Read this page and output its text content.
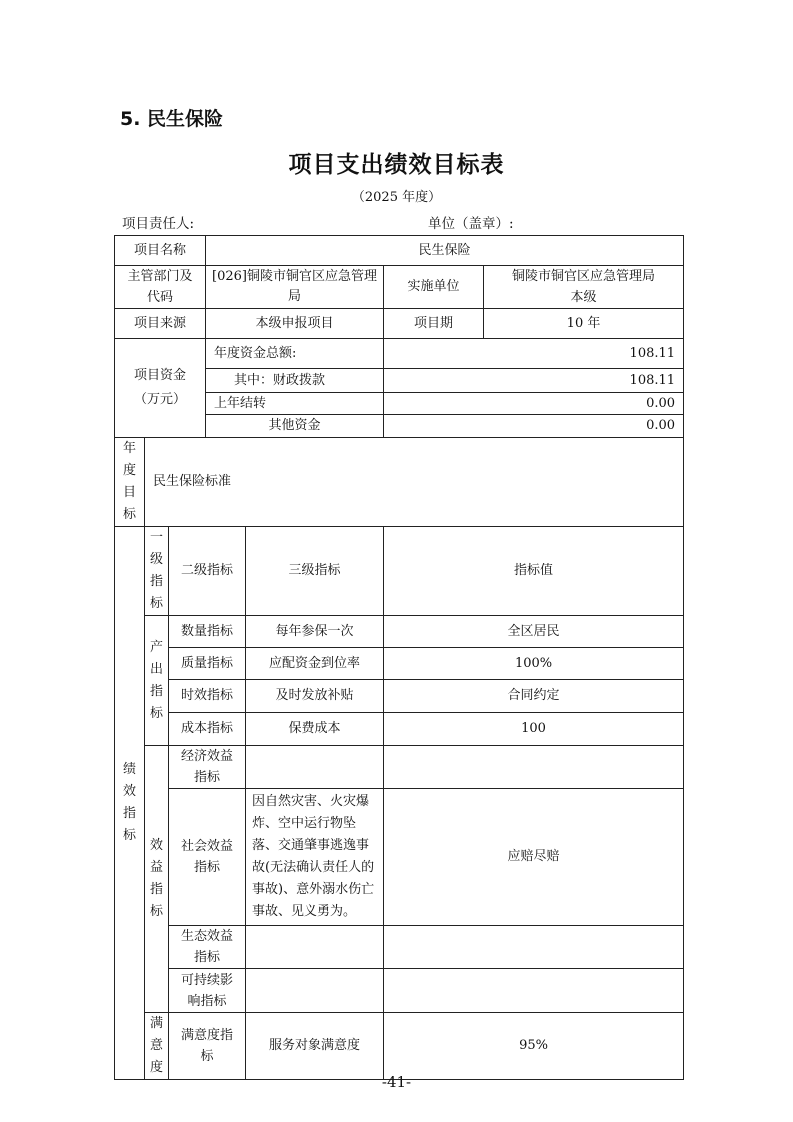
5. 民生保险
项目支出绩效目标表
（2025 年度）
项目责任人:	单位（盖章）:
项目名称			民生保险			

主管部门及代码			[026]铜陵市铜官区应急管理局		实施单位	铜陵市铜官区应急管理局本级

项目来源			本级申报项目		项目期	10 年

项目资金（万元）			年度资金总额:		108.11	
			其中：财政拨款		108.11	
			上年结转		0.00	
			其他资金		0.00	

年度目标	民生保险标准					

绩效指标	一级指标	二级指标		三级指标	指标值	

	产出指标	数量指标		每年参保一次	全区居民	
		质量指标		应配资金到位率	100%	
		时效指标		及时发放补贴	合同约定	
		成本指标		保费成本	100	

	效益指标	经济效益指标				

		社会效益指标		因自然灾害、火灾爆炸、空中运行物坠落、交通肇事逃逸事故(无法确认责任人的事故)、意外溺水伤亡事故、见义勇为。	应赔尽赔	

		生态效益指标				

		可持续影响指标				

	满意度	满意度指标		服务对象满意度	95%	
-41-
